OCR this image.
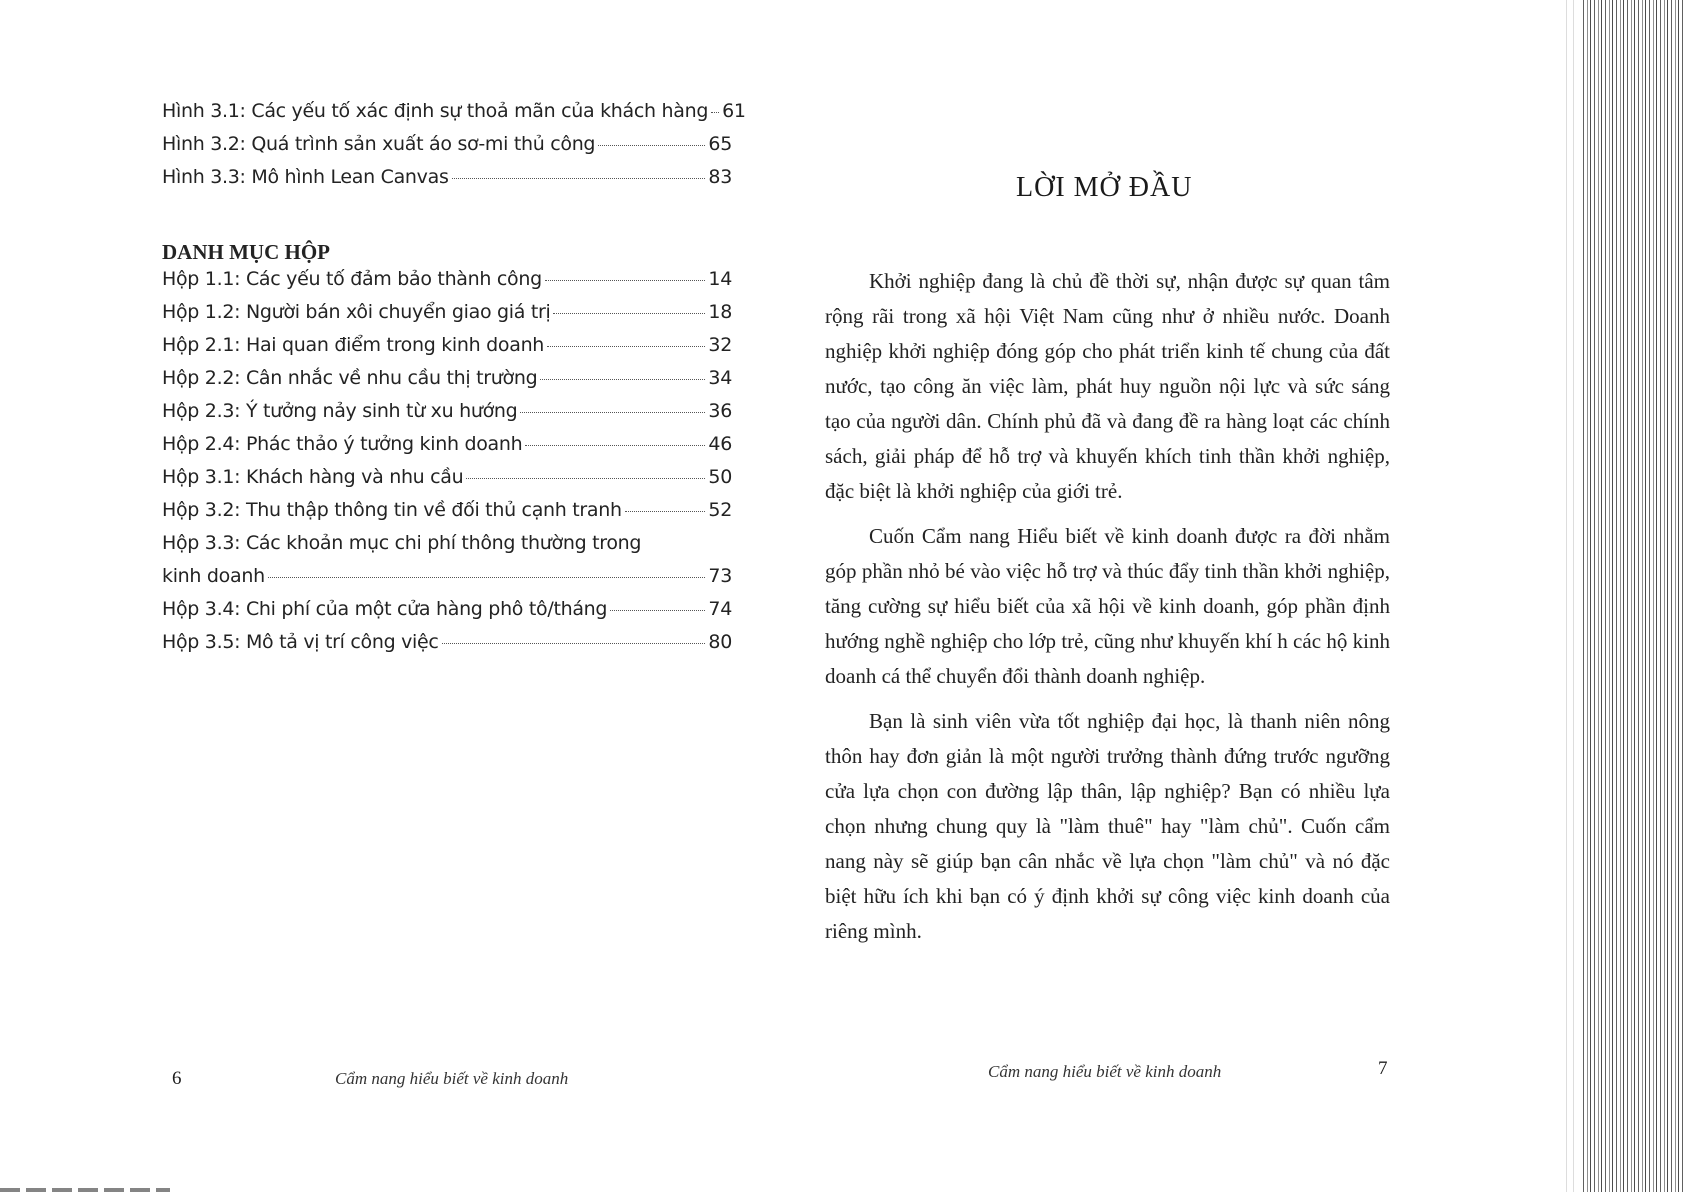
Hình 3.1: Các yếu tố xác định sự thoả mãn của khách hàng 61
Hình 3.2: Quá trình sản xuất áo sơ-mi thủ công	65
Hình 3.3: Mô hình Lean Canvas	83
DANH MỤC HỘP
Hộp 1.1: Các yếu tố đảm bảo thành công	14
Hộp 1.2: Người bán xôi chuyển giao giá trị	18
Hộp 2.1: Hai quan điểm trong kinh doanh	32
Hộp 2.2: Cân nhắc về nhu cầu thị trường	34
Hộp 2.3: Ý tưởng nảy sinh từ xu hướng	36
Hộp 2.4: Phác thảo ý tưởng kinh doanh	46
Hộp 3.1: Khách hàng và nhu cầu	50
Hộp 3.2: Thu thập thông tin về đối thủ cạnh tranh	52
Hộp 3.3: Các khoản mục chi phí thông thường trong
kinh doanh	73
Hộp 3.4: Chi phí của một cửa hàng phô tô/tháng	74
Hộp 3.5: Mô tả vị trí công việc	80
6	Cẩm nang hiểu biết về kinh doanh
LỜI MỞ ĐẦU

Khởi nghiệp đang là chủ đề thời sự, nhận được sự quan tâm rộng rãi trong xã hội Việt Nam cũng như ở nhiều nước. Doanh nghiệp khởi nghiệp đóng góp cho phát triển kinh tế chung của đất nước, tạo công ăn việc làm, phát huy nguồn nội lực và sức sáng tạo của người dân. Chính phủ đã và đang đề ra hàng loạt các chính sách, giải pháp để hỗ trợ và khuyến khích tinh thần khởi nghiệp, đặc biệt là khởi nghiệp của giới trẻ.

Cuốn Cẩm nang Hiểu biết về kinh doanh được ra đời nhằm góp phần nhỏ bé vào việc hỗ trợ và thúc đẩy tinh thần khởi nghiệp, tăng cường sự hiểu biết của xã hội về kinh doanh, góp phần định hướng nghề nghiệp cho lớp trẻ, cũng như khuyến khí h các hộ kinh doanh cá thể chuyển đổi thành doanh nghiệp.

Bạn là sinh viên vừa tốt nghiệp đại học, là thanh niên nông thôn hay đơn giản là một người trưởng thành đứng trước ngưỡng cửa lựa chọn con đường lập thân, lập nghiệp? Bạn có nhiều lựa chọn nhưng chung quy là "làm thuê" hay "làm chủ". Cuốn cẩm nang này sẽ giúp bạn cân nhắc về lựa chọn "làm chủ" và nó đặc biệt hữu ích khi bạn có ý định khởi sự công việc kinh doanh của riêng mình.

Cẩm nang hiểu biết về kinh doanh	7
